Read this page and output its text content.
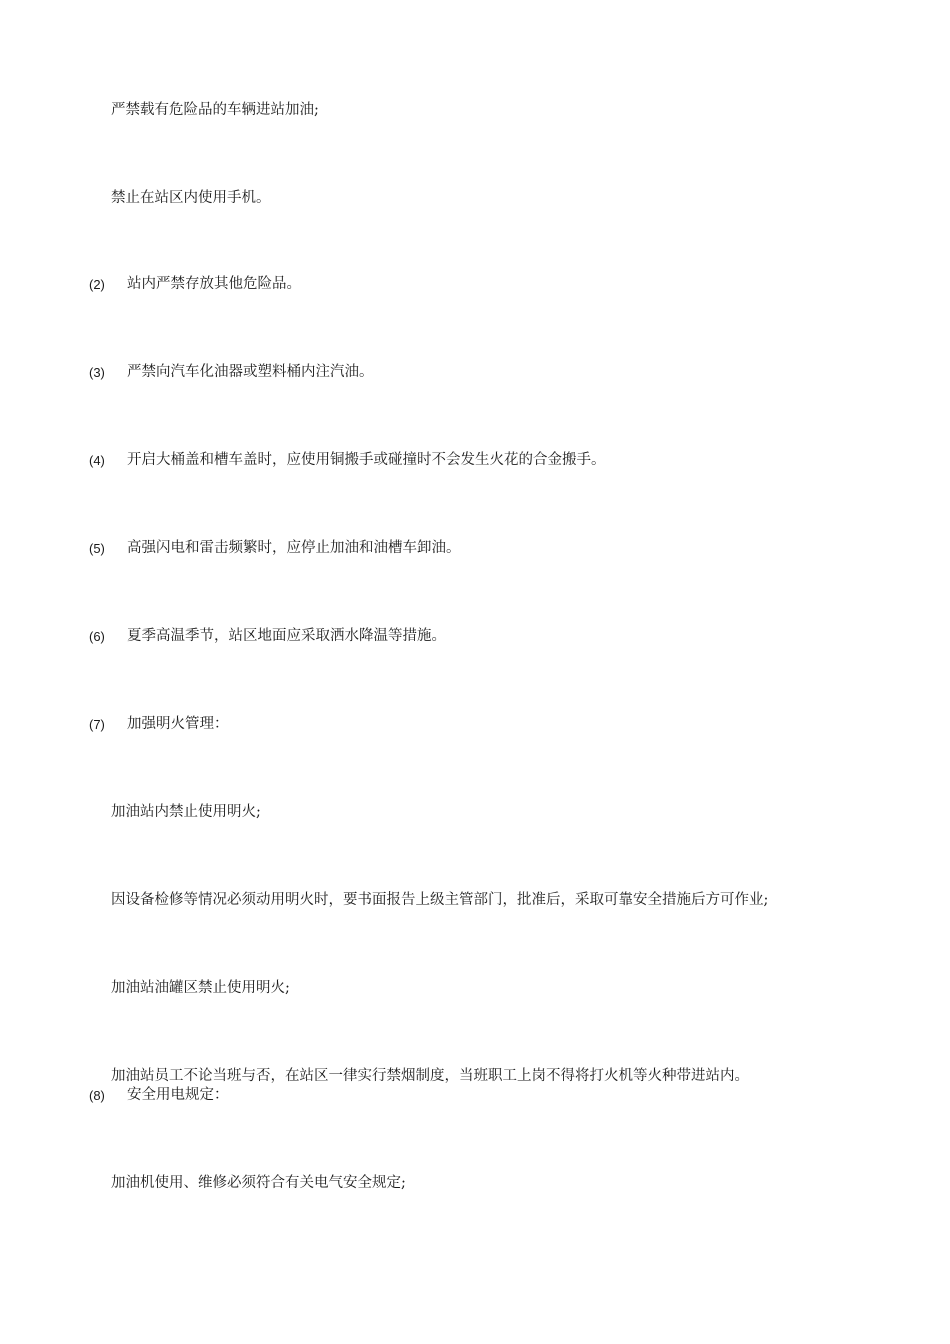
严禁载有危险品的车辆进站加油;
禁止在站区内使用手机。
(2) 站内严禁存放其他危险品。
(3) 严禁向汽车化油器或塑料桶内注汽油。
(4) 开启大桶盖和槽车盖时，应使用铜搬手或碰撞时不会发生火花的合金搬手。
(5) 高强闪电和雷击频繁时，应停止加油和油槽车卸油。
(6) 夏季高温季节，站区地面应采取洒水降温等措施。
(7) 加强明火管理：
加油站内禁止使用明火;
因设备检修等情况必须动用明火时，要书面报告上级主管部门，批准后，采取可靠安全措施后方可作业;
加油站油罐区禁止使用明火;
加油站员工不论当班与否，在站区一律实行禁烟制度，当班职工上岗不得将打火机等火种带进站内。
(8) 安全用电规定：
加油机使用、维修必须符合有关电气安全规定;
